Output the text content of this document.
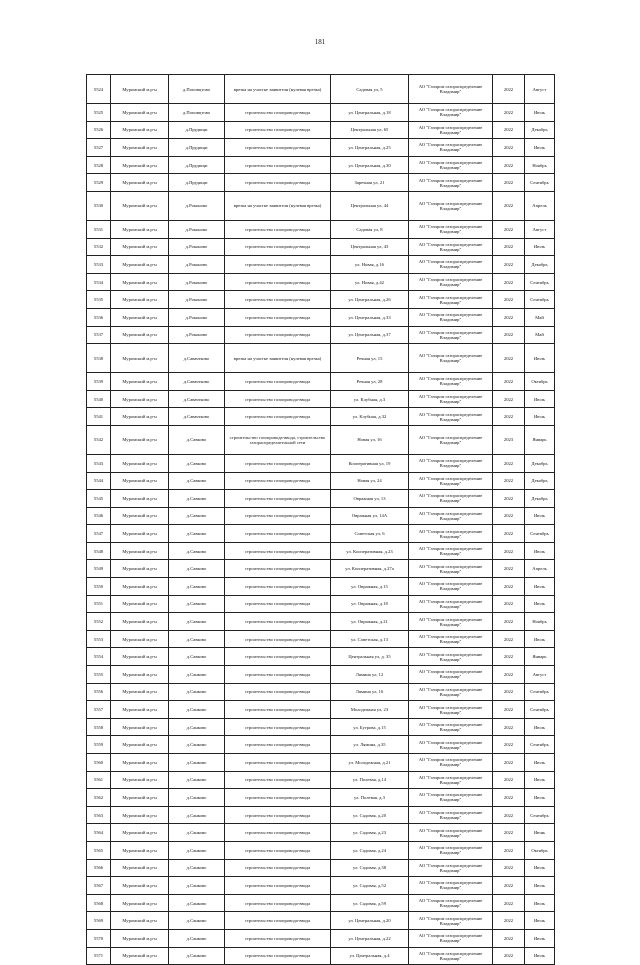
181
5524	Муромский м.р-н	д.Поповцтово	врезка на участке заявителя (нулевая врезка)	Садовая ул, 5	АО "Газпром газораспределение Владимир"	2022	Август
5525	Муромский м.р-н	д.Поповцтово	строительство газопровода-ввода	ул. Центральная, д.18	АО "Газпром газораспределение Владимир"	2022	Июль
5526	Муромский м.р-н	д.Прудищи	строительство газопровода-ввода	Центральная ул, 65	АО "Газпром газораспределение Владимир"	2022	Декабрь
5527	Муромский м.р-н	д.Прудищи	строительство газопровода-ввода	ул. Центральная, д.25	АО "Газпром газораспределение Владимир"	2022	Июль
5528	Муромский м.р-н	д.Прудищи	строительство газопровода-ввода	ул. Центральная, д.30	АО "Газпром газораспределение Владимир"	2022	Ноябрь
5529	Муромский м.р-н	д.Прудищи	строительство газопровода-ввода	Заречная ул, 21	АО "Газпром газораспределение Владимир"	2022	Сентябрь
5530	Муромский м.р-н	д.Роконово	врезка на участке заявителя (нулевая врезка)	Центральная ул, 44	АО "Газпром газораспределение Владимир"	2022	Апрель
5531	Муромский м.р-н	д.Роконово	строительство газопровода-ввода	Садовая ул, 8	АО "Газпром газораспределение Владимир"	2022	Август
5532	Муромский м.р-н	д.Роконово	строительство газопровода-ввода	Центральная ул, 43	АО "Газпром газораспределение Владимир"	2022	Июль
5533	Муромский м.р-н	д.Роконово	строительство газопровода-ввода	ул. Новая, д.16	АО "Газпром газораспределение Владимир"	2022	Декабрь
5534	Муромский м.р-н	д.Роконово	строительство газопровода-ввода	ул. Новая, д.42	АО "Газпром газораспределение Владимир"	2022	Сентябрь
5535	Муромский м.р-н	д.Роконово	строительство газопровода-ввода	ул. Центральная, д.26	АО "Газпром газораспределение Владимир"	2022	Сентябрь
5536	Муромский м.р-н	д.Роконово	строительство газопровода-ввода	ул. Центральная, д.33	АО "Газпром газораспределение Владимир"	2022	Май
5537	Муромский м.р-н	д.Роконово	строительство газопровода-ввода	ул. Центральная, д.37	АО "Газпром газораспределение Владимир"	2022	Май
5538	Муромский м.р-н	д.Савачтково	врезка на участке заявителя (нулевая врезка)	Речная ул, 15	АО "Газпром газораспределение Владимир"	2022	Июль
5539	Муромский м.р-н	д.Савачтково	строительство газопровода-ввода	Речная ул, 28	АО "Газпром газораспределение Владимир"	2022	Октябрь
5540	Муромский м.р-н	д.Савачтково	строительство газопровода-ввода	ул. Клубная, д.3	АО "Газпром газораспределение Владимир"	2022	Июль
5541	Муромский м.р-н	д.Савачтково	строительство газопровода-ввода	ул. Клубная, д.32	АО "Газпром газораспределение Владимир"	2022	Июль
5542	Муромский м.р-н	д.Савково	строительство газопровода-ввода, строительство газораспределительной сети	Новая ул, 16	АО "Газпром газораспределение Владимир"	2023	Январь
5543	Муромский м.р-н	д.Савково	строительство газопровода-ввода	Кооперативная ул, 19	АО "Газпром газораспределение Владимир"	2022	Декабрь
5544	Муромский м.р-н	д.Савково	строительство газопровода-ввода	Новая ул, 24	АО "Газпром газораспределение Владимир"	2022	Декабрь
5545	Муромский м.р-н	д.Савково	строительство газопровода-ввода	Овражная ул, 13	АО "Газпром газораспределение Владимир"	2022	Декабрь
5546	Муромский м.р-н	д.Савково	строительство газопровода-ввода	Овражная ул, 14А	АО "Газпром газораспределение Владимир"	2022	Июль
5547	Муромский м.р-н	д.Савково	строительство газопровода-ввода	Советская ул, 6	АО "Газпром газораспределение Владимир"	2022	Сентябрь
5548	Муромский м.р-н	д.Савково	строительство газопровода-ввода	ул. Кооперативная, д.23	АО "Газпром газораспределение Владимир"	2022	Июль
5549	Муромский м.р-н	д.Савково	строительство газопровода-ввода	ул. Кооперативная, д.27а	АО "Газпром газораспределение Владимир"	2022	Апрель
5550	Муромский м.р-н	д.Савково	строительство газопровода-ввода	ул. Овражная, д.15	АО "Газпром газораспределение Владимир"	2022	Июль
5551	Муромский м.р-н	д.Савково	строительство газопровода-ввода	ул. Овражная, д.18	АО "Газпром газораспределение Владимир"	2022	Июль
5552	Муромский м.р-н	д.Савково	строительство газопровода-ввода	ул. Овражная, д.21	АО "Газпром газораспределение Владимир"	2022	Ноябрь
5553	Муромский м.р-н	д.Савково	строительство газопровода-ввода	ул. Советская, д.13	АО "Газпром газораспределение Владимир"	2022	Июль
5554	Муромский м.р-н	д.Савково	строительство газопровода-ввода	Центральная ул, д. 35	АО "Газпром газораспределение Владимир"	2022	Январь
5555	Муромский м.р-н	д.Санково	строительство газопровода-ввода	Лямина ул, 12	АО "Газпром газораспределение Владимир"	2022	Август
5556	Муромский м.р-н	д.Санково	строительство газопровода-ввода	Лямина ул, 16	АО "Газпром газораспределение Владимир"	2022	Сентябрь
5557	Муромский м.р-н	д.Санково	строительство газопровода-ввода	Молодежная ул, 23	АО "Газпром газораспределение Владимир"	2022	Сентябрь
5558	Муромский м.р-н	д.Санково	строительство газопровода-ввода	ул. Бугрова, д.15	АО "Газпром газораспределение Владимир"	2022	Июль
5559	Муромский м.р-н	д.Санково	строительство газопровода-ввода	ул. Лямина, д.35	АО "Газпром газораспределение Владимир"	2022	Сентябрь
5560	Муромский м.р-н	д.Санково	строительство газопровода-ввода	ул. Молодежная, д.21	АО "Газпром газораспределение Владимир"	2022	Июль
5561	Муромский м.р-н	д.Санково	строительство газопровода-ввода	ул. Полевая, д.14	АО "Газпром газораспределение Владимир"	2022	Июль
5562	Муромский м.р-н	д.Санково	строительство газопровода-ввода	ул. Полевая, д.3	АО "Газпром газораспределение Владимир"	2022	Июль
5563	Муромский м.р-н	д.Санково	строительство газопровода-ввода	ул. Садовая, д.20	АО "Газпром газораспределение Владимир"	2022	Сентябрь
5564	Муромский м.р-н	д.Санково	строительство газопровода-ввода	ул. Садовая, д.23	АО "Газпром газораспределение Владимир"	2022	Июнь
5565	Муромский м.р-н	д.Санково	строительство газопровода-ввода	ул. Садовая, д.24	АО "Газпром газораспределение Владимир"	2022	Октябрь
5566	Муромский м.р-н	д.Санково	строительство газопровода-ввода	ул. Садовая, д.38	АО "Газпром газораспределение Владимир"	2022	Июль
5567	Муромский м.р-н	д.Санково	строительство газопровода-ввода	ул. Садовая, д.52	АО "Газпром газораспределение Владимир"	2022	Июль
5568	Муромский м.р-н	д.Санково	строительство газопровода-ввода	ул. Садовая, д.59	АО "Газпром газораспределение Владимир"	2022	Июль
5569	Муромский м.р-н	д.Санково	строительство газопровода-ввода	ул. Центральная, д.20	АО "Газпром газораспределение Владимир"	2022	Июль
5570	Муромский м.р-н	д.Санково	строительство газопровода-ввода	ул. Центральная, д.22	АО "Газпром газораспределение Владимир"	2022	Июль
5571	Муромский м.р-н	д.Санково	строительство газопровода-ввода	ул. Центральная, д.4	АО "Газпром газораспределение Владимир"	2022	Июль
